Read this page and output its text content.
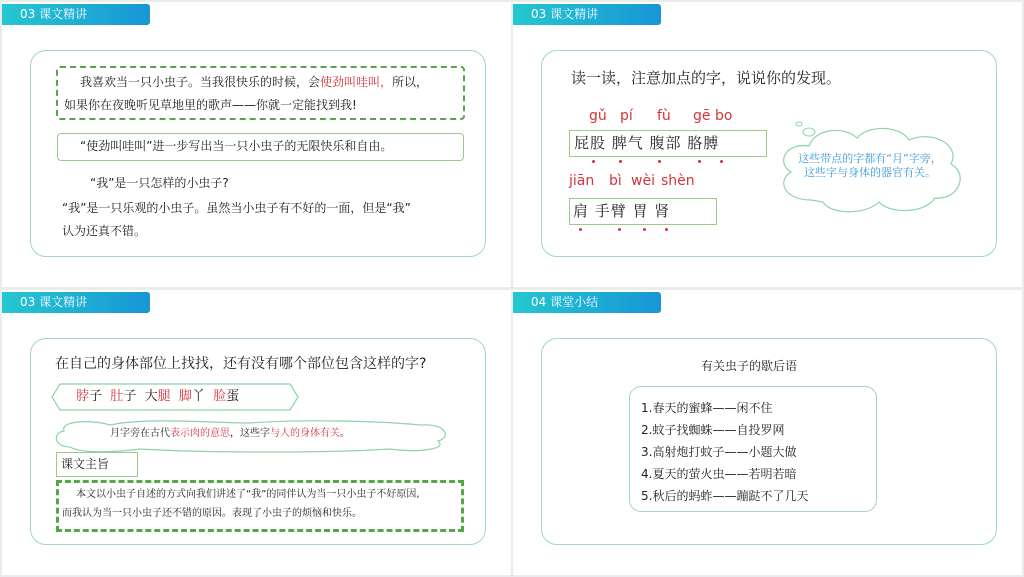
03 课文精讲
我喜欢当一只小虫子。当我很快乐的时候，会使劲叫哇叫，所以，
如果你在夜晚听见草地里的歌声——你就一定能找到我!
“使劲叫哇叫”进一步写出当一只小虫子的无限快乐和自由。
“我”是一只怎样的小虫子?
“我”是一只乐观的小虫子。虽然当小虫子有不好的一面，但是“我”
认为还真不错。
03 课文精讲
读一读，注意加点的字，说说你的发现。
gǔ pí fù gē bo
屁股 脾气 腹部 胳膊
jiān bì wèi shèn
肩 手臂 胃 肾
这些带点的字都有“月”字旁，这些字与身体的器官有关。
03 课文精讲
在自己的身体部位上找找，还有没有哪个部位包含这样的字?
脖子 肚子 大腿 脚丫 脸蛋
月字旁在古代表示肉的意思，这些字与人的身体有关。
课文主旨
本文以小虫子自述的方式向我们讲述了“我”的同伴认为当一只小虫子不好原因,
而我认为当一只小虫子还不错的原因。表现了小虫子的烦恼和快乐。
04 课堂小结
有关虫子的歇后语
1.春天的蜜蜂——闲不住
2.蚊子找蜘蛛——自投罗网
3.高射炮打蚊子——小题大做
4.夏天的萤火虫——若明若暗
5.秋后的蚂蚱——蹦跶不了几天
